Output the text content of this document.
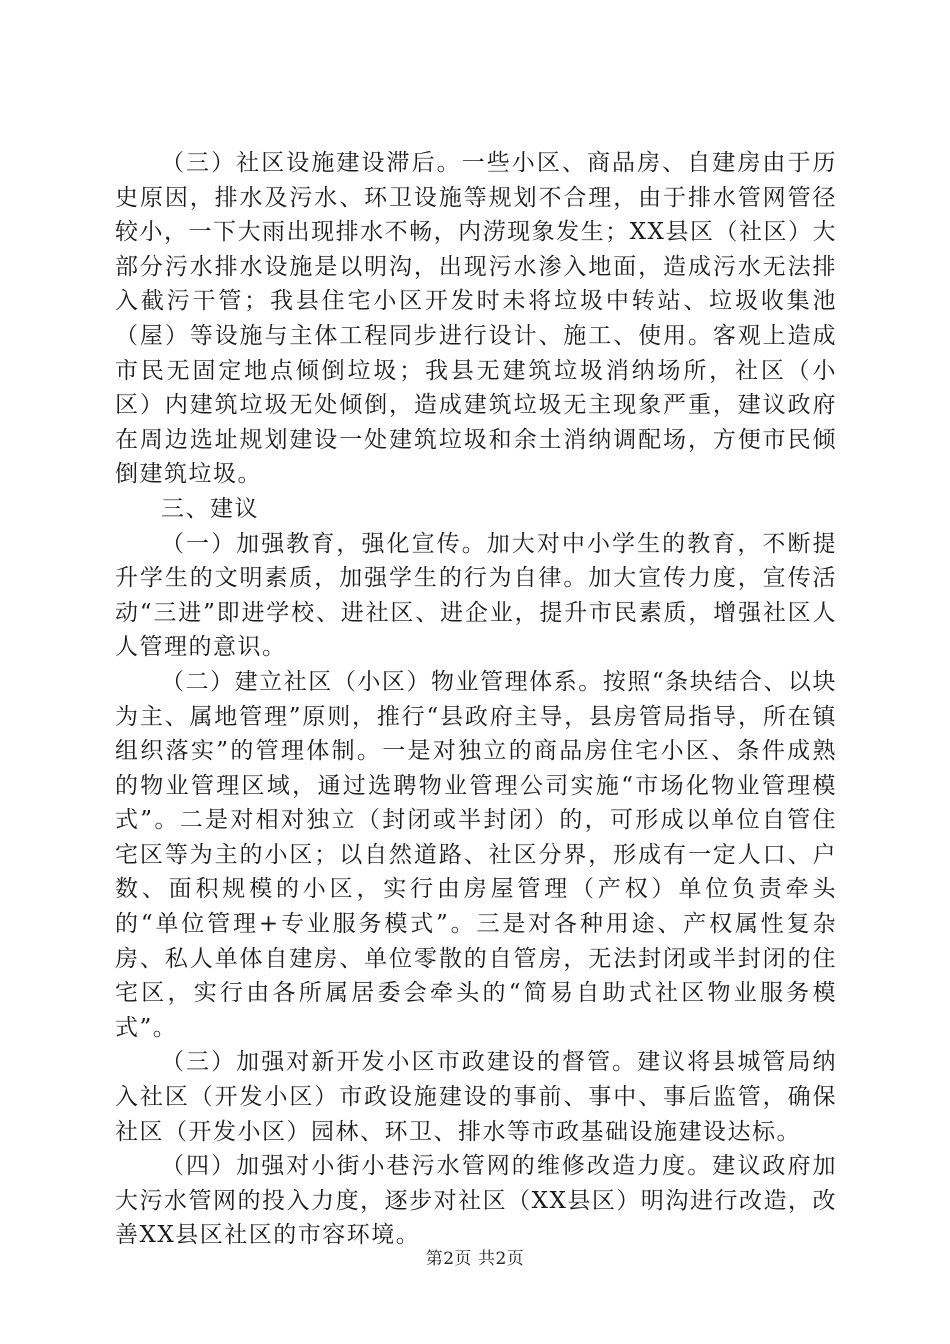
（三）社区设施建设滞后。一些小区、商品房、自建房由于历史原因，排水及污水、环卫设施等规划不合理，由于排水管网管径较小，一下大雨出现排水不畅，内涝现象发生；XX县区（社区）大部分污水排水设施是以明沟，出现污水渗入地面，造成污水无法排入截污干管；我县住宅小区开发时未将垃圾中转站、垃圾收集池（屋）等设施与主体工程同步进行设计、施工、使用。客观上造成市民无固定地点倾倒垃圾；我县无建筑垃圾消纳场所，社区（小区）内建筑垃圾无处倾倒，造成建筑垃圾无主现象严重，建议政府在周边选址规划建设一处建筑垃圾和余土消纳调配场，方便市民倾倒建筑垃圾。

三、建议

（一）加强教育，强化宣传。加大对中小学生的教育，不断提升学生的文明素质，加强学生的行为自律。加大宣传力度，宣传活动“三进”即进学校、进社区、进企业，提升市民素质，增强社区人人管理的意识。

（二）建立社区（小区）物业管理体系。按照“条块结合、以块为主、属地管理”原则，推行“县政府主导，县房管局指导，所在镇组织落实”的管理体制。一是对独立的商品房住宅小区、条件成熟的物业管理区域，通过选聘物业管理公司实施“市场化物业管理模式”。二是对相对独立（封闭或半封闭）的，可形成以单位自管住宅区等为主的小区；以自然道路、社区分界，形成有一定人口、户数、面积规模的小区，实行由房屋管理（产权）单位负责牵头的“单位管理+专业服务模式”。三是对各种用途、产权属性复杂房、私人单体自建房、单位零散的自管房，无法封闭或半封闭的住宅区，实行由各所属居委会牵头的“简易自助式社区物业服务模式”。

（三）加强对新开发小区市政建设的督管。建议将县城管局纳入社区（开发小区）市政设施建设的事前、事中、事后监管，确保社区（开发小区）园林、环卫、排水等市政基础设施建设达标。

（四）加强对小街小巷污水管网的维修改造力度。建议政府加大污水管网的投入力度，逐步对社区（XX县区）明沟进行改造，改善XX县区社区的市容环境。

第2页 共2页
